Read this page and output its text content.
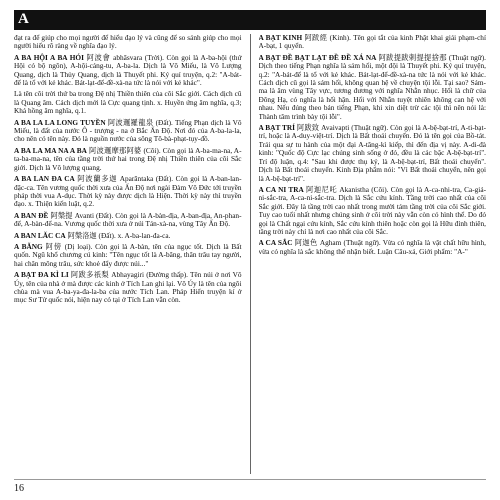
A

đạt ra để giúp cho mọi người để hiểu đạo lý và cũng để so sánh giúp cho mọi người hiểu rõ ràng về nghĩa đạo lý.

A BA HỘI A BA HÓI 阿波會 abhāsvara (Trời). Còn gọi là A-ba-hội (thứ Hội có bộ ngôn), A-hội-cảng-tu, A-ba-la. Dịch là Vô Miếu, là Vô Lượng Quang, dịch là Thủy Quang, dịch là Thuyết phi. Ký quí truyện, q.2: "A-bát-để là tổ với kẻ khác. Bát-lạt-để-đề-xà-na tức là nói với kẻ khác".

Là tên cõi trời thứ ba trong Đệ nhị Thiền thiên của cõi Sắc giới. Cách dịch cũ là Quang âm. Cách dịch mới là Cực quang tịnh. x. Huyền ứng âm nghĩa, q.3; Khả hồng âm nghĩa, q.1.

A BA LA LA LONG TUYỀN 阿波邏羅龍泉 (Đất). Tiếng Phạn dịch là Vô Miếu, là đất của nước Ô - trượng - na ở Bắc Ấn Độ. Nơi đó của A-ba-la-la, cho nên có tên này. Đó là nguồn nước của sông Tô-bà-phạt-tụy-đồ.

A BA LA MA NA A BA 阿波邏摩那阿婆 (Cõi). Còn gọi là A-ba-ma-na, A-ta-ba-ma-na, tên của tầng trời thứ hai trong Đệ nhị Thiền thiên của cõi Sắc giới. Dịch là Vô lượng quang.

A BA LAN ĐA CA 阿波蘭多迦 Aparāntaka (Đất). Còn gọi là A-ban-lan-đặc-ca. Tên vương quốc thời xưa của Ấn Độ nơi ngài Đàm Vô Đức tới truyền pháp thời vua A-dục. Thời kỳ này được dịch là Hiện. Thời kỳ này thì truyền đạo. x. Thiện kiến luật, q.2.

A BAN ĐỀ 阿槃提 Avanti (Đất). Còn gọi là A-bàn-địa, A-ban-địa, An-phan-để, A-bàn-để-na. Vương quốc thời xưa ở núi Tán-xà-na, vùng Tây Ấn Độ.

A BAN LĂC CA 阿槃洛迦 (Đất). x. A-ba-lan-đa-ca.

A BĂNG 阿傍 (Dị loại). Còn gọi là A-bàn, tên của ngục tốt. Dịch là Bất quốn. Ngũ khổ chương cú kinh: "Tên ngục tốt là A-băng, thân trâu tay người, hai chân mông trâu, sức khoẻ đẩy được núi..."

A BẠT ĐA KÌ LI 阿跋多祇梨 Abhayagiri (Đường thấp). Tên núi ở nơi Vô Úy, tên của nhà ở mà được các kinh ở Tích Lan ghi lại. Vô Úy là tên của ngôi chùa mà vua A-ba-ya-đa-la-ba của nước Tích Lan. Pháp Hiển truyện kí ở mục Sư Tử quốc nói, hiện nay có tại ở Tích Lan vẫn còn.

A BẠT KINH 阿跋經 (Kinh). Tên gọi tắt của kinh Phật khai giải phạm-chí A-bạt, 1 quyển.

A BẠT ĐỀ BẠT LẠT ĐỀ ĐỀ XÁ NA 阿跋提跋剌提提捨那 (Thuật ngữ). Dịch theo tiếng Phạn nghĩa là sám hối, một đội là Thuyết phi. Ký quí truyện, q.2: "A-bát-để là tổ với kẻ khác. Bát-lạt-để-đề-xà-na tức là nói với kẻ khác. Cách dịch cũ gọi là sám hối, không quan hệ về chuyện tội lỗi. Tại sao? Sám-ma là âm vùng Tây vực, tương đương với nghĩa Nhẫn nhục. Hối là chữ của Đông Hạ, có nghĩa là hối hận. Hối với Nhẫn tuyệt nhiên không can hệ với nhau. Nếu đúng theo bản tiếng Phạn, khi xin diệt trừ các tội thì nên nói là: Thành tâm trình bày tội lỗi".

A BẠT TRÍ 阿跋致 Avaivapti (Thuật ngữ). Còn gọi là A-bệ-bạt-trí, A-ti-bạt-trí, hoặc là A-duy-việt-trí. Dịch là Bất thoái chuyển. Đó là tên gọi của Bồ-tát. Trải qua sự tu hành của một đại A-tăng-kì kiếp, thì đến địa vị này. A-di-đà kinh: "Quốc độ Cực lạc chúng sinh sống ở đó, đều là các bậc A-bệ-bạt-trí". Trí độ luận, q.4: "Sau khi được thụ ký, là A-bệ-bạt-trí, Bất thoái chuyển". Dịch là Bất thoái chuyển. Kinh Địa phẩm nói: "Vì Bất thoái chuyển, nên gọi là A-bệ-bạt-trí".

A CA NI TRA 阿迦尼吒 Akanistha (Cõi). Còn gọi là A-ca-nhi-tra, Ca-giá-ni-sắc-tra, A-ca-ni-sắc-tra. Dịch là Sắc cứu kính. Tầng trời cao nhất của cõi Sắc giới. Đây là tầng trời cao nhất trong mười tám tầng trời của cõi Sắc giới. Tuy cao tuổi nhất nhưng chúng sinh ở cõi trời này vẫn còn có hình thể. Do đó gọi là Chất ngại cứu kính, Sắc cứu kính thiên hoặc còn gọi là Hữu đỉnh thiên, tầng trời này chỉ là nơi cao nhất của cõi Sắc.

A CA SẮC 阿迦色 Agham (Thuật ngữ). Vừa có nghĩa là vật chất hữu hình, vừa có nghĩa là sắc không thể nhận biết. Luận Câu-xá, Giới phẩm: "A-"

16
